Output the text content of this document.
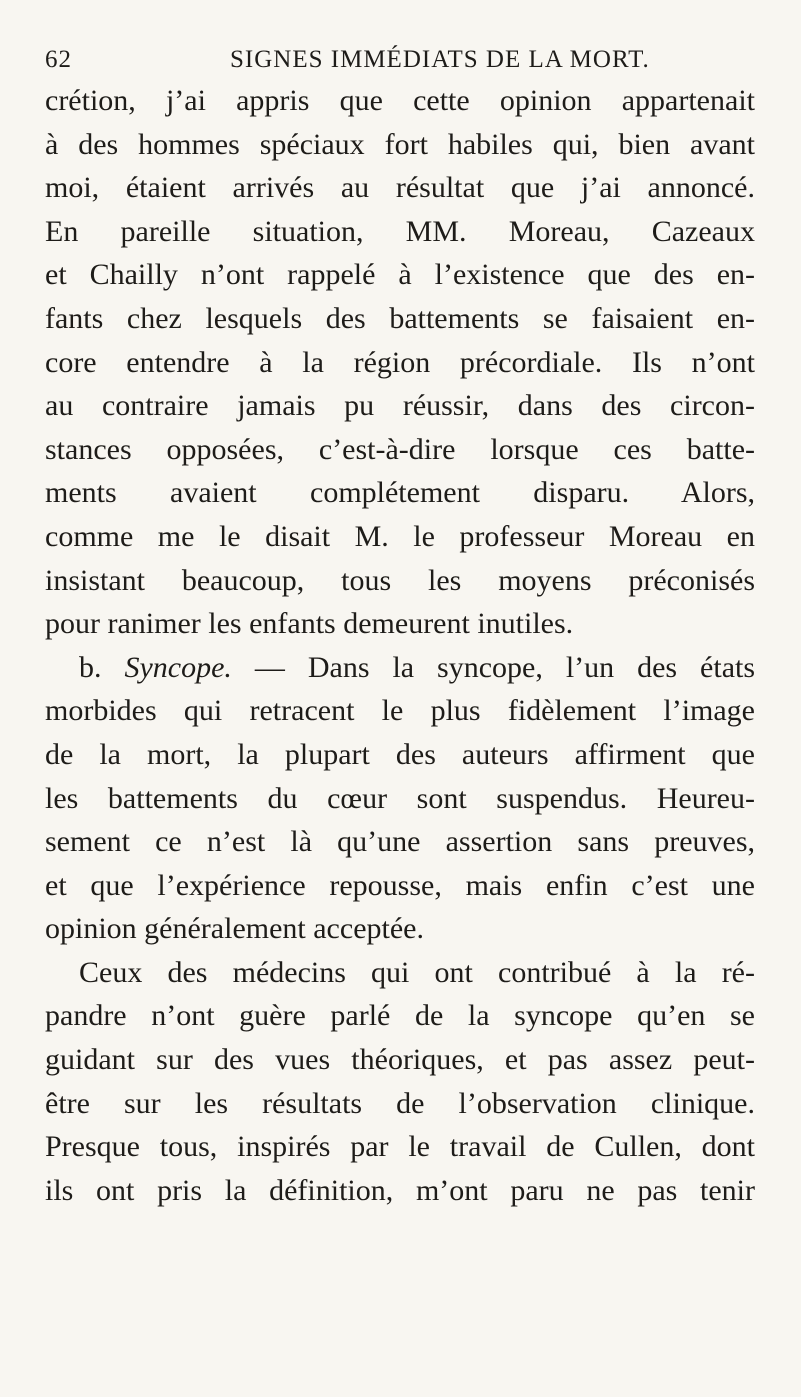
62	SIGNES IMMÉDIATS DE LA MORT.
crétion, j’ai appris que cette opinion appartenait
à des hommes spéciaux fort habiles qui, bien avant
moi, étaient arrivés au résultat que j’ai annoncé.
En pareille situation, MM. Moreau, Cazeaux
et Chailly n’ont rappelé à l’existence que des en-
fants chez lesquels des battements se faisaient en-
core entendre à la région précordiale. Ils n’ont
au contraire jamais pu réussir, dans des circon-
stances opposées, c’est-à-dire lorsque ces batte-
ments avaient complétement disparu. Alors,
comme me le disait M. le professeur Moreau en
insistant beaucoup, tous les moyens préconisés
pour ranimer les enfants demeurent inutiles.
b. Syncope. — Dans la syncope, l’un des états
morbides qui retracent le plus fidèlement l’image
de la mort, la plupart des auteurs affirment que
les battements du cœur sont suspendus. Heureu-
sement ce n’est là qu’une assertion sans preuves,
et que l’expérience repousse, mais enfin c’est une
opinion généralement acceptée.
Ceux des médecins qui ont contribué à la ré-
pandre n’ont guère parlé de la syncope qu’en se
guidant sur des vues théoriques, et pas assez peut-
être sur les résultats de l’observation clinique.
Presque tous, inspirés par le travail de Cullen, dont
ils ont pris la définition, m’ont paru ne pas tenir
